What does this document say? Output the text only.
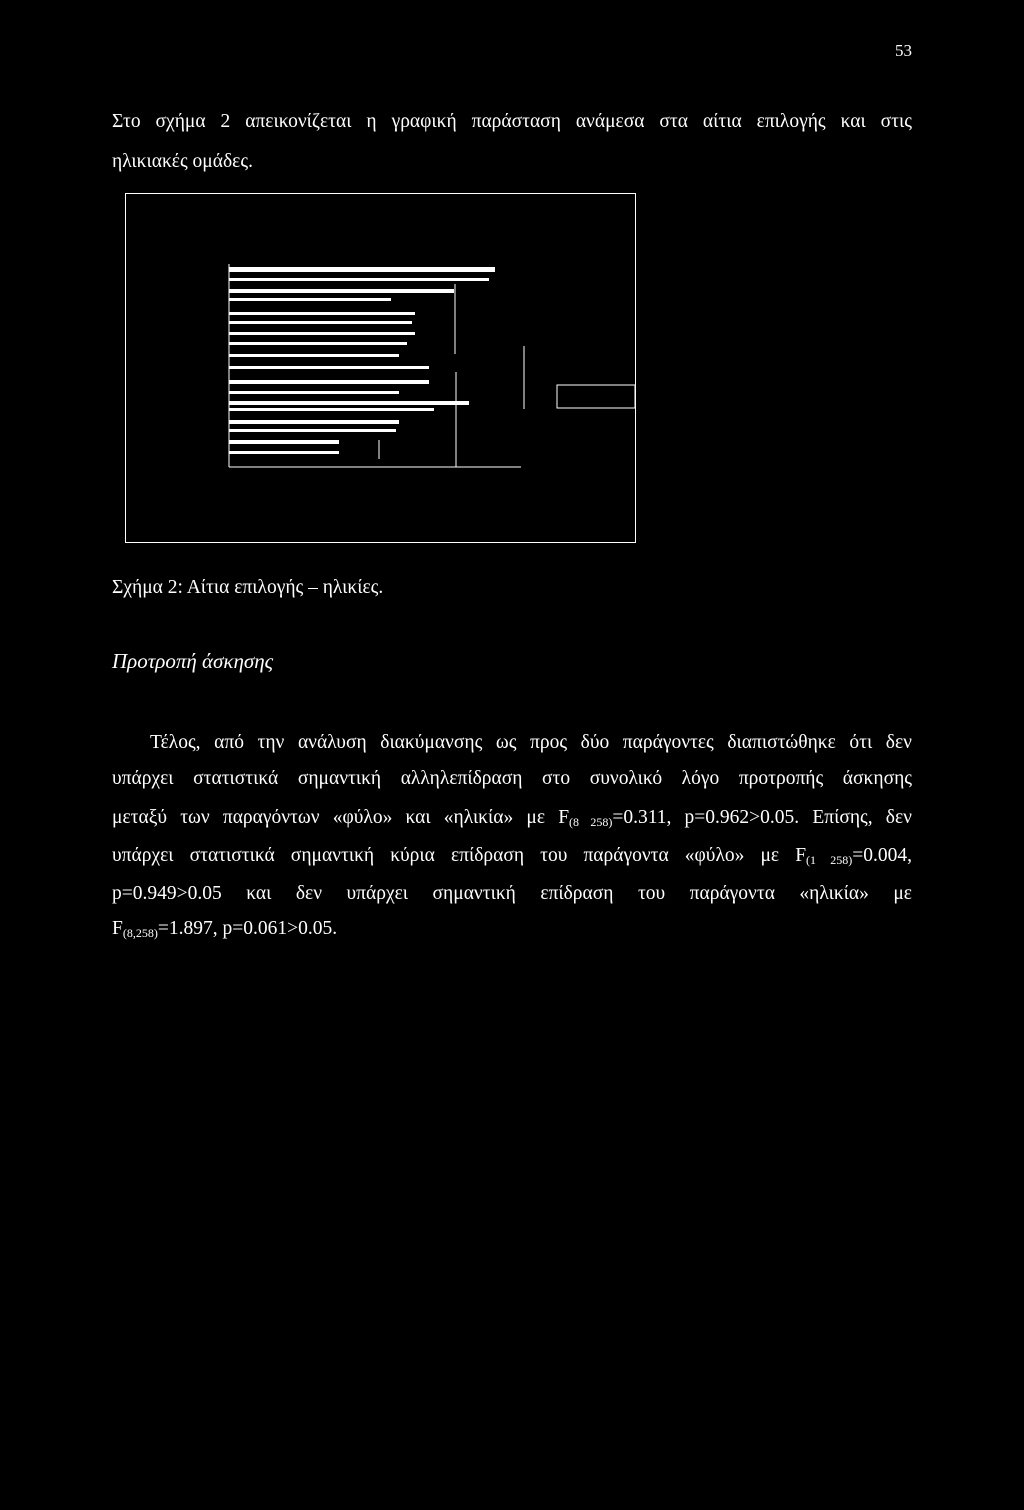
53
Στο σχήμα 2 απεικονίζεται η γραφική παράσταση ανάμεσα στα αίτια επιλογής και στις
ηλικιακές ομάδες.
Σχήμα 2: Αίτια επιλογής – ηλικίες.
Προτροπή άσκησης
Τέλος, από την ανάλυση διακύμανσης ως προς δύο παράγοντες διαπιστώθηκε ότι δεν
υπάρχει στατιστικά σημαντική αλληλεπίδραση στο συνολικό λόγο προτροπής άσκησης
μεταξύ των παραγόντων «φύλο» και «ηλικία» με $F_{(8 258)}=0.311$, p=0.962>0.05. Επίσης, δεν
υπάρχει στατιστικά σημαντική κύρια επίδραση του παράγοντα «φύλο» με $F_{(1 258)}=0.004$,
p=0.949>0.05 και δεν υπάρχει σημαντική επίδραση του παράγοντα «ηλικία» με
$F_{(8,258)}=1.897$, p=0.061>0.05.
